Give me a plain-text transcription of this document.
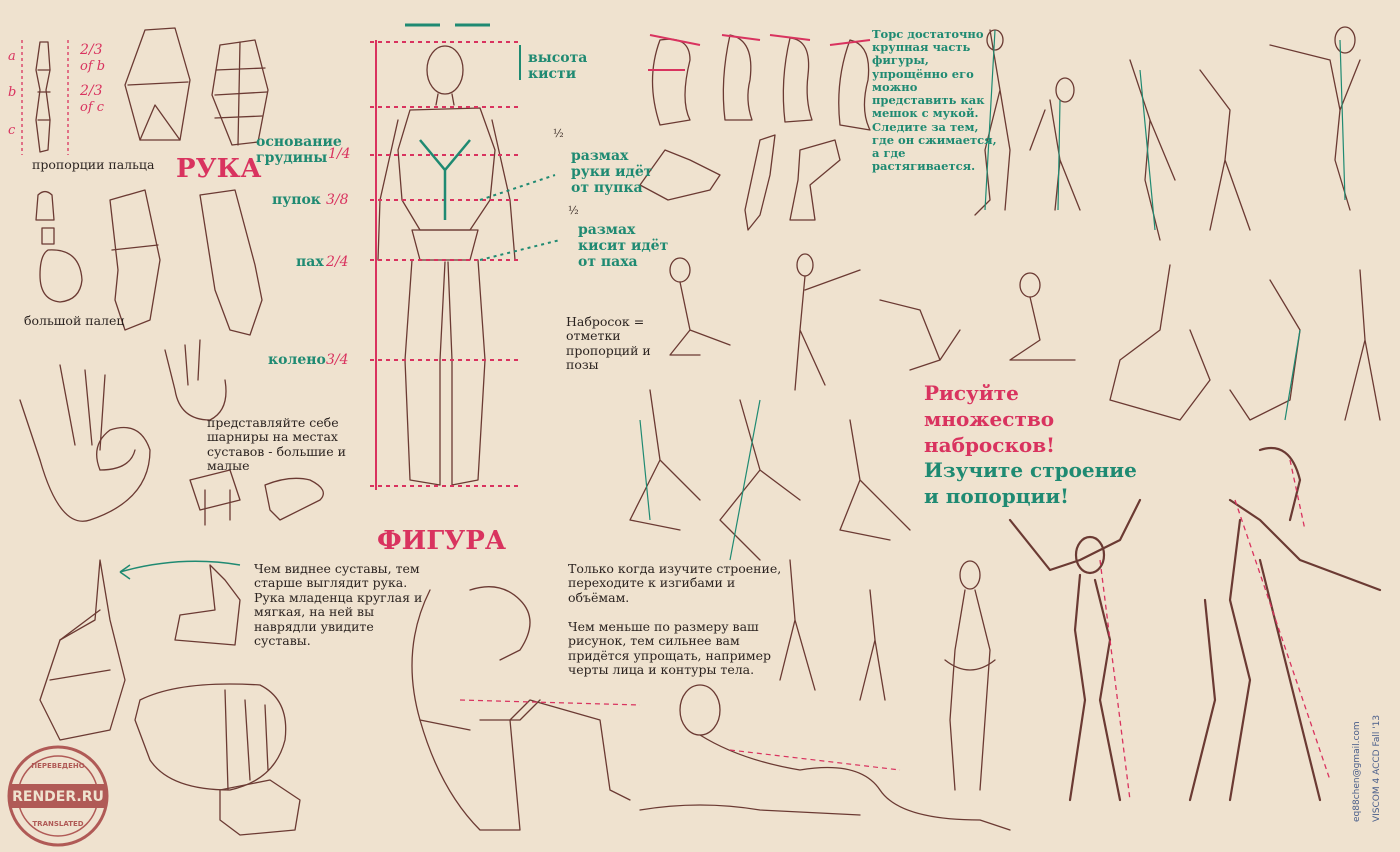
a
b
c
2/3
of b
2/3
of c
пропорции пальца РУКА
большой палец
представляйте себе
шарниры на местах
суставов - большие и
малые
Чем виднее суставы, тем
старше выглядит рука.
Рука младенца круглая и
мягкая, на ней вы
наврядли увидите
суставы.
высота
кисти
основание
грудины 1/4
пупок 3/8
пах 2/4
колено 3/4
½
½
размах
руки идёт
от пупка
размах
кисит идёт
от паха
Набросок =
отметки
пропорций и
позы
ФИГУРА
Только когда изучите строение,
переходите к изгибами и
объёмам.
Чем меньше по размеру ваш
рисунок, тем сильнее вам
придётся упрощать, например
черты лица и контуры тела.
Торс достаточно
крупная часть
фигуры,
упрощённо его
можно
представить как
мешок с мукой.
Следите за тем,
где он сжимается,
а где
растягивается.
Рисуйте
множество
набросков!
Изучите строение
и попорции!
RENDER.RU
ПЕРЕВЕДЕНО
TRANSLATED
eq88chen@gmail.com VISCOM 4 ACCD Fall '13
